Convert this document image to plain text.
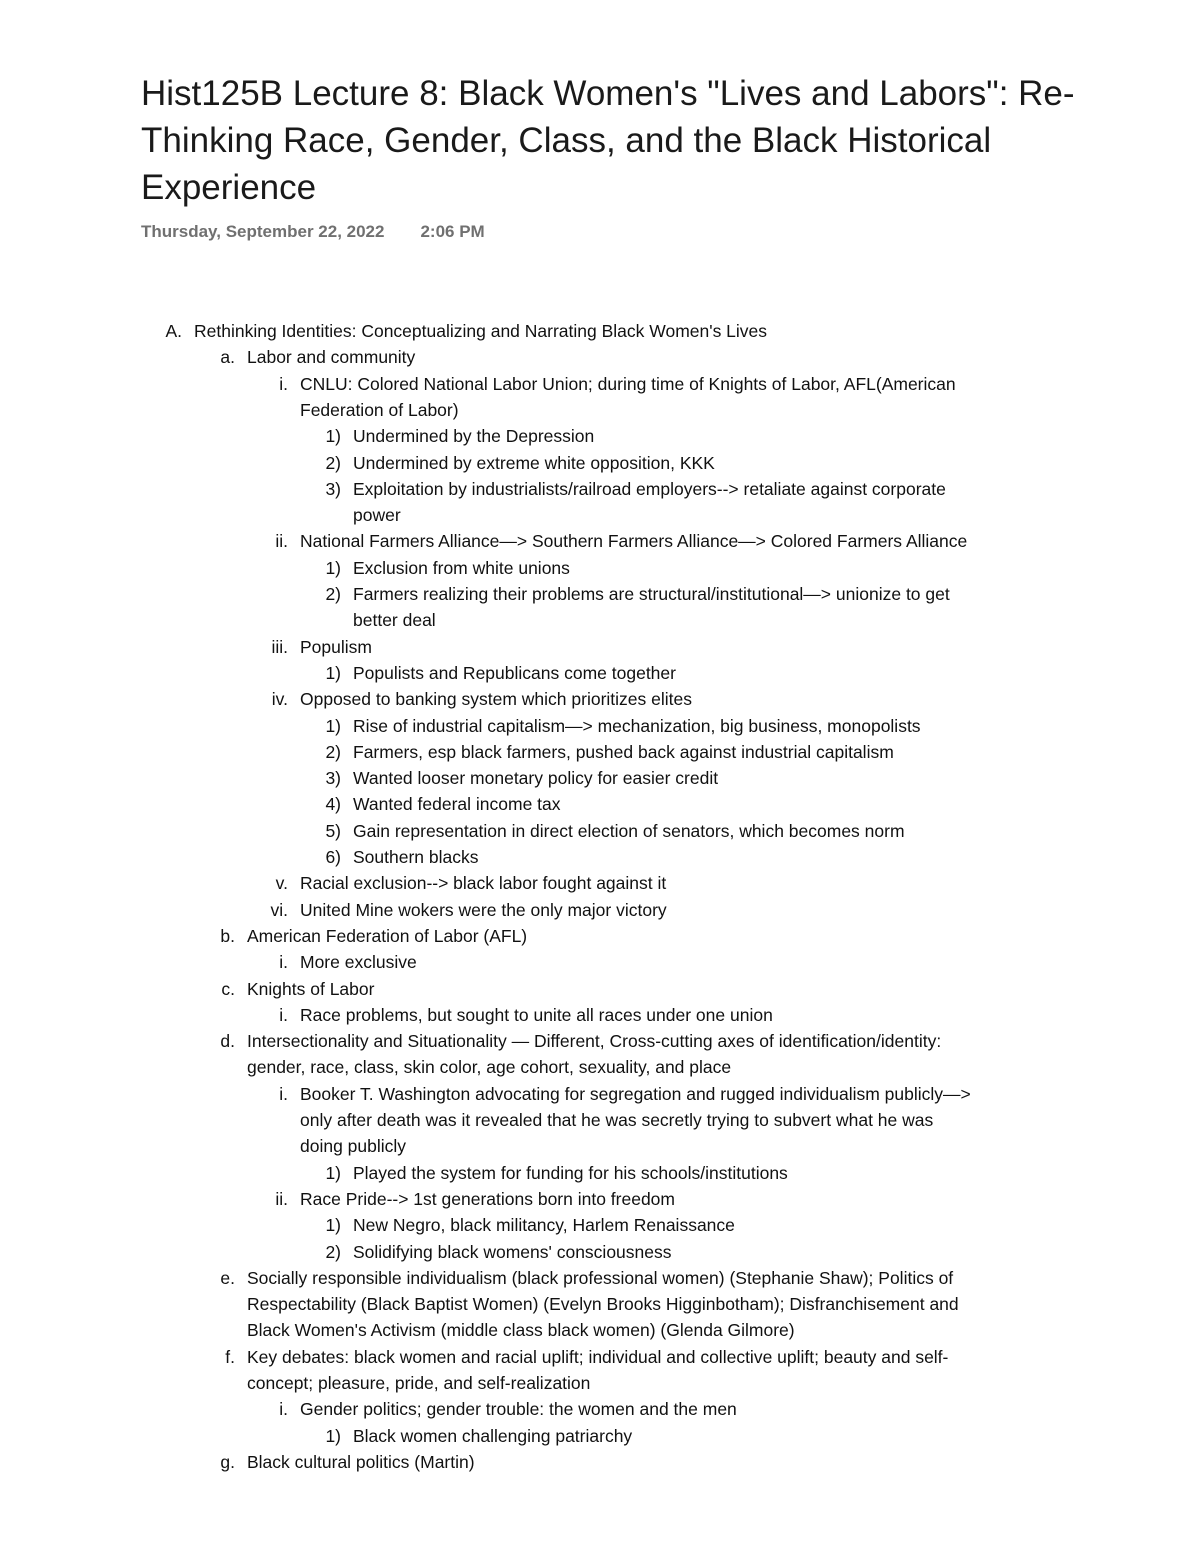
Hist125B Lecture 8: Black Women's "Lives and Labors": Re-Thinking Race, Gender, Class, and the Black Historical Experience
Thursday, September 22, 2022 2:06 PM
A. Rethinking Identities: Conceptualizing and Narrating Black Women's Lives
a. Labor and community
i. CNLU: Colored National Labor Union; during time of Knights of Labor, AFL(American
Federation of Labor)
1) Undermined by the Depression
2) Undermined by extreme white opposition, KKK
3) Exploitation by industrialists/railroad employers--> retaliate against corporate
power
ii. National Farmers Alliance—> Southern Farmers Alliance—> Colored Farmers Alliance
1) Exclusion from white unions
2) Farmers realizing their problems are structural/institutional—> unionize to get
better deal
iii. Populism
1) Populists and Republicans come together
iv. Opposed to banking system which prioritizes elites
1) Rise of industrial capitalism—> mechanization, big business, monopolists
2) Farmers, esp black farmers, pushed back against industrial capitalism
3) Wanted looser monetary policy for easier credit
4) Wanted federal income tax
5) Gain representation in direct election of senators, which becomes norm
6) Southern blacks
v. Racial exclusion--> black labor fought against it
vi. United Mine wokers were the only major victory
b. American Federation of Labor (AFL)
i. More exclusive
c. Knights of Labor
i. Race problems, but sought to unite all races under one union
d. Intersectionality and Situationality — Different, Cross-cutting axes of identification/identity:
gender, race, class, skin color, age cohort, sexuality, and place
i. Booker T. Washington advocating for segregation and rugged individualism publicly—>
only after death was it revealed that he was secretly trying to subvert what he was
doing publicly
1) Played the system for funding for his schools/institutions
ii. Race Pride--> 1st generations born into freedom
1) New Negro, black militancy, Harlem Renaissance
2) Solidifying black womens' consciousness
e. Socially responsible individualism (black professional women) (Stephanie Shaw); Politics of
Respectability (Black Baptist Women) (Evelyn Brooks Higginbotham); Disfranchisement and
Black Women's Activism (middle class black women) (Glenda Gilmore)
f. Key debates: black women and racial uplift; individual and collective uplift; beauty and self-
concept; pleasure, pride, and self-realization
i. Gender politics; gender trouble: the women and the men
1) Black women challenging patriarchy
g. Black cultural politics (Martin)
